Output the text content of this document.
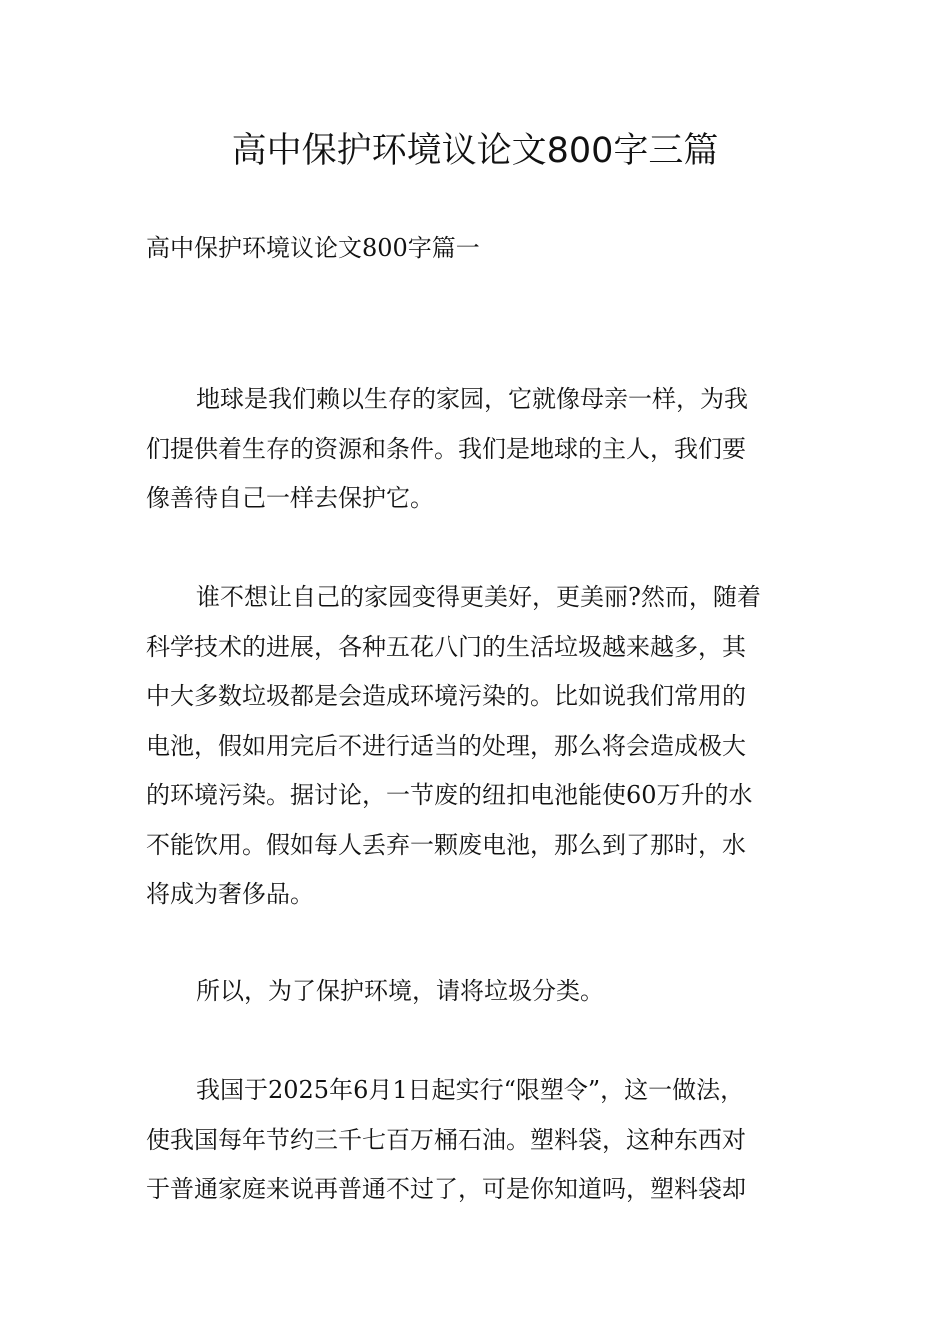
高中保护环境议论文800字三篇
高中保护环境议论文800字篇一
地球是我们赖以生存的家园，它就像母亲一样，为我
们提供着生存的资源和条件。我们是地球的主人，我们要
像善待自己一样去保护它。
谁不想让自己的家园变得更美好，更美丽?然而，随着
科学技术的进展，各种五花八门的生活垃圾越来越多，其
中大多数垃圾都是会造成环境污染的。比如说我们常用的
电池，假如用完后不进行适当的处理，那么将会造成极大
的环境污染。据讨论，一节废的纽扣电池能使60万升的水
不能饮用。假如每人丢弃一颗废电池，那么到了那时，水
将成为奢侈品。
所以，为了保护环境，请将垃圾分类。
我国于2025年6月1日起实行“限塑令”，这一做法，
使我国每年节约三千七百万桶石油。塑料袋，这种东西对
于普通家庭来说再普通不过了，可是你知道吗，塑料袋却
